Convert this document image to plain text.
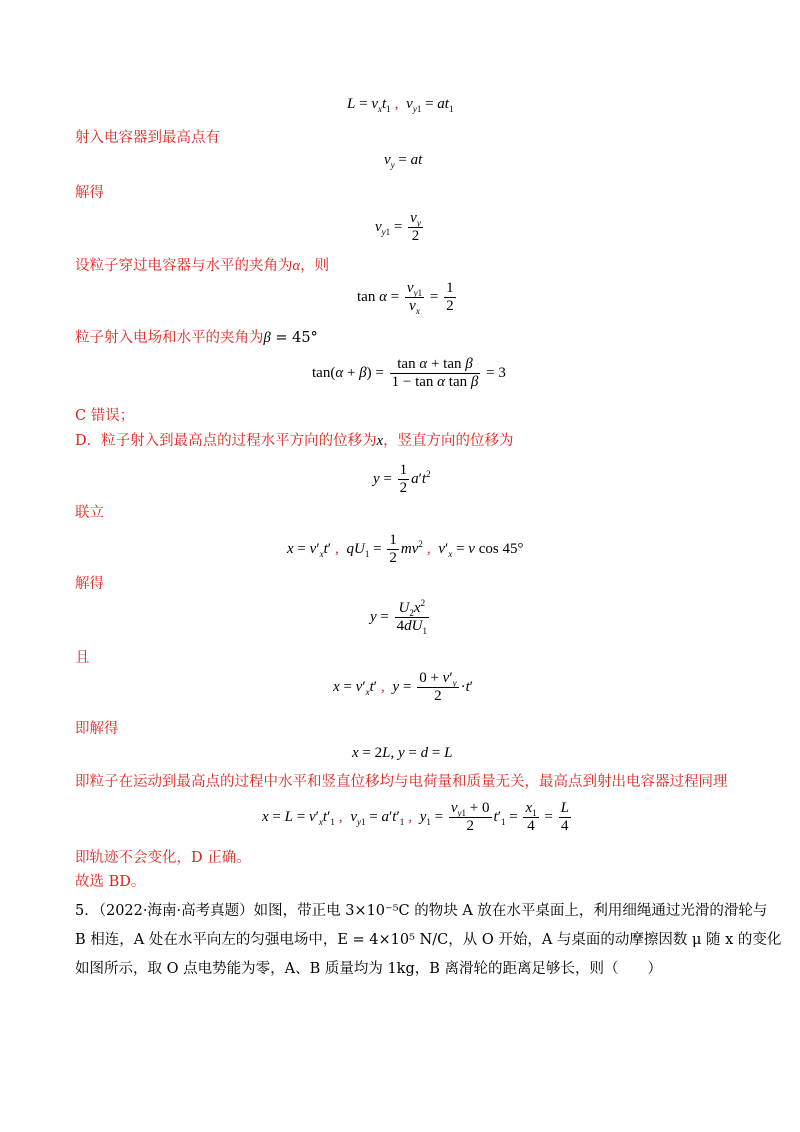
$L = v_xt_1$ , $v_{y1} = at_1$
射入电容器到最高点有
$v_y$ = at
解得
$v_{y1} = \frac{v_y}{2}$
设粒子穿过电容器与水平的夹角为α，则
$\tan \alpha = \frac{v_{y1}}{v_x} = \frac{1}{2}$
粒子射入电场和水平的夹角为β = 45°
$\tan(\alpha + \beta) = \frac{\text{tan α + tan β}}{\text{1 − tan α tan β}} = 3$
C 错误；
D．粒子射入到最高点的过程水平方向的位移为x，竖直方向的位移为
$y = \frac{1}{2} a't^2$
联立
$x = v'_xt'$ , $qU_1 = \frac{1}{2} mv^2$ , $v'_x = v$ cos 45°
解得
$y = \frac{U_2x^2}{4dU_1}$
且
$x = v'_xt'$ , $y = \frac{0 + v'_y}{2} \cdot t'$
即解得
x = 2L, y = d = L
即粒子在运动到最高点的过程中水平和竖直位移均与电荷量和质量无关，最高点到射出电容器过程同理
$x = L = v'_xt'_1$ , $v_{y1} = a't'_1$ , $y_1 = \frac{v_{y1} + 0}{2} t'_1 = \frac{x_1}{4} = \frac{L}{4}$
即轨迹不会变化，D 正确。
故选 BD。
5．（2022·海南·高考真题）如图，带正电 3×10⁻⁵C 的物块 A 放在水平桌面上，利用细绳通过光滑的滑轮与
B 相连，A 处在水平向左的匀强电场中，E = 4×10⁵ N/C，从 O 开始，A 与桌面的动摩擦因数 μ 随 x 的变化
如图所示，取 O 点电势能为零，A、B 质量均为 1kg，B 离滑轮的距离足够长，则（　　）
